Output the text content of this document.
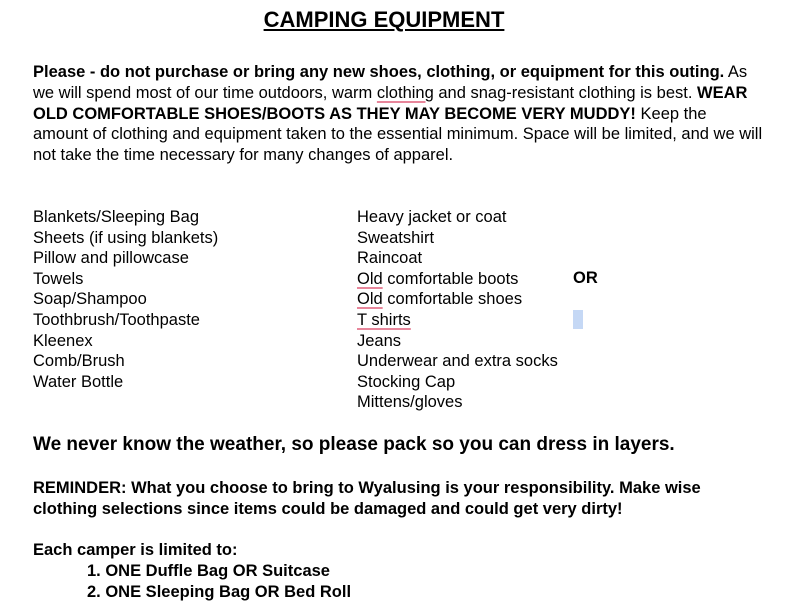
CAMPING EQUIPMENT
Please - do not purchase or bring any new shoes, clothing, or equipment for this outing. As we will spend most of our time outdoors, warm clothing and snag-resistant clothing is best. WEAR OLD COMFORTABLE SHOES/BOOTS AS THEY MAY BECOME VERY MUDDY! Keep the amount of clothing and equipment taken to the essential minimum. Space will be limited, and we will not take the time necessary for many changes of apparel.
Blankets/Sleeping Bag
Sheets (if using blankets)
Pillow and pillowcase
Towels
Soap/Shampoo
Toothbrush/Toothpaste
Kleenex
Comb/Brush
Water Bottle
Heavy jacket or coat
Sweatshirt
Raincoat
Old comfortable boots
Old comfortable shoes
T shirts
Jeans
Underwear and extra socks
Stocking Cap
Mittens/gloves
OR
We never know the weather, so please pack so you can dress in layers.
REMINDER: What you choose to bring to Wyalusing is your responsibility. Make wise clothing selections since items could be damaged and could get very dirty!
Each camper is limited to:
1. ONE Duffle Bag OR Suitcase
2. ONE Sleeping Bag OR Bed Roll
